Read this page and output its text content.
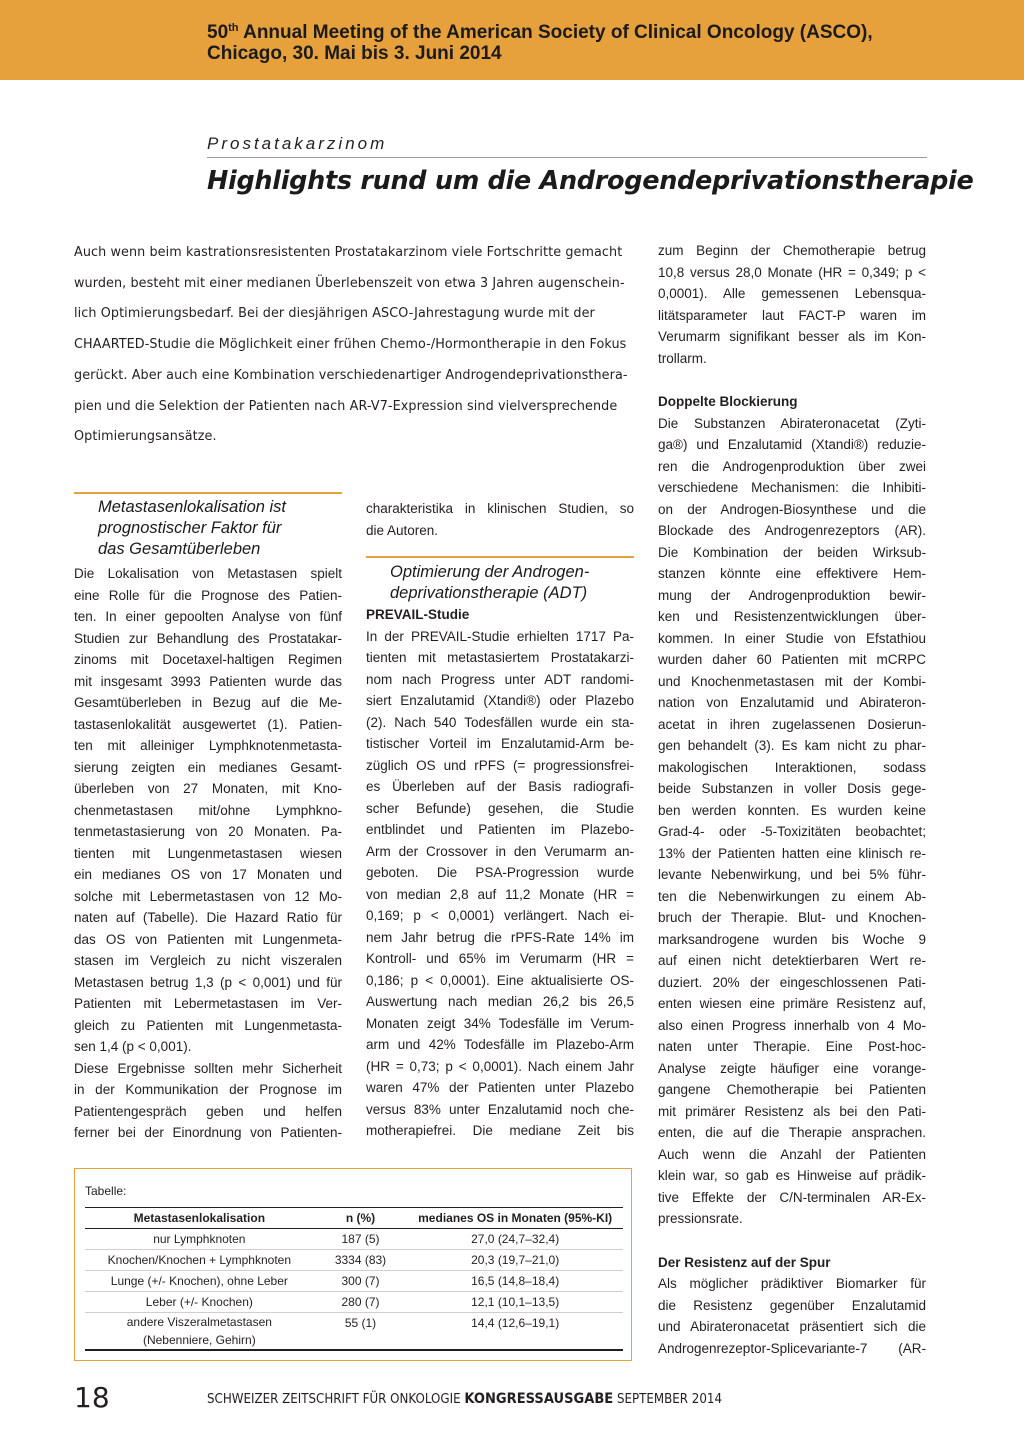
50th Annual Meeting of the American Society of Clinical Oncology (ASCO),
Chicago, 30. Mai bis 3. Juni 2014
Prostatakarzinom
Highlights rund um die Androgendeprivationstherapie

Auch wenn beim kastrationsresistenten Prostatakarzinom viele Fortschritte gemacht

wurden, besteht mit einer medianen Überlebenszeit von etwa 3 Jahren augenschein-

lich Optimierungsbedarf. Bei der diesjährigen ASCO-Jahrestagung wurde mit der

CHAARTED-Studie die Möglichkeit einer frühen Chemo-/Hormontherapie in den Fokus

gerückt. Aber auch eine Kombination verschiedenartiger Androgendeprivationsthera-

pien und die Selektion der Patienten nach AR-V7-Expression sind vielversprechende

Optimierungsansätze.

Metastasenlokalisation ist
prognostischer Faktor für
das Gesamtüberleben
Die Lokalisation von Metastasen spielt
eine Rolle für die Prognose des Patien-
ten. In einer gepoolten Analyse von fünf
Studien zur Behandlung des Prostatakar-
zinoms mit Docetaxel-haltigen Regimen
mit insgesamt 3993 Patienten wurde das
Gesamtüberleben in Bezug auf die Me-
tastasenlokalität ausgewertet (1). Patien-
ten mit alleiniger Lymphknotenmetasta-
sierung zeigten ein medianes Gesamt-
überleben von 27 Monaten, mit Kno-
chenmetastasen mit/ohne Lymphkno-
tenmetastasierung von 20 Monaten. Pa-
tienten mit Lungenmetastasen wiesen
ein medianes OS von 17 Monaten und
solche mit Lebermetastasen von 12 Mo-
naten auf (Tabelle). Die Hazard Ratio für
das OS von Patienten mit Lungenmeta-
stasen im Vergleich zu nicht viszeralen
Metastasen betrug 1,3 (p < 0,001) und für
Patienten mit Lebermetastasen im Ver-
gleich zu Patienten mit Lungenmetasta-
sen 1,4 (p < 0,001).
Diese Ergebnisse sollten mehr Sicherheit
in der Kommunikation der Prognose im
Patientengespräch geben und helfen
ferner bei der Einordnung von Patienten-
charakteristika in klinischen Studien, so
die Autoren.
Optimierung der Androgen-
deprivationstherapie (ADT)
PREVAIL-Studie
In der PREVAIL-Studie erhielten 1717 Pa-
tienten mit metastasiertem Prostatakarzi-
nom nach Progress unter ADT randomi-
siert Enzalutamid (Xtandi®) oder Plazebo
(2). Nach 540 Todesfällen wurde ein sta-
tistischer Vorteil im Enzalutamid-Arm be-
züglich OS und rPFS (= progressionsfrei-
es Überleben auf der Basis radiografi-
scher Befunde) gesehen, die Studie
entblindet und Patienten im Plazebo-
Arm der Crossover in den Verumarm an-
geboten. Die PSA-Progression wurde
von median 2,8 auf 11,2 Monate (HR =
0,169; p < 0,0001) verlängert. Nach ei-
nem Jahr betrug die rPFS-Rate 14% im
Kontroll- und 65% im Verumarm (HR =
0,186; p < 0,0001). Eine aktualisierte OS-
Auswertung nach median 26,2 bis 26,5
Monaten zeigt 34% Todesfälle im Verum-
arm und 42% Todesfälle im Plazebo-Arm
(HR = 0,73; p < 0,0001). Nach einem Jahr
waren 47% der Patienten unter Plazebo
versus 83% unter Enzalutamid noch che-
motherapiefrei. Die mediane Zeit bis
zum Beginn der Chemotherapie betrug
10,8 versus 28,0 Monate (HR = 0,349; p <
0,0001). Alle gemessenen Lebensqua-
litätsparameter laut FACT-P waren im
Verumarm signifikant besser als im Kon-
trollarm.
Doppelte Blockierung
Die Substanzen Abirateronacetat (Zyti-
ga®) und Enzalutamid (Xtandi®) reduzie-
ren die Androgenproduktion über zwei
verschiedene Mechanismen: die Inhibiti-
on der Androgen-Biosynthese und die
Blockade des Androgenrezeptors (AR).
Die Kombination der beiden Wirksub-
stanzen könnte eine effektivere Hem-
mung der Androgenproduktion bewir-
ken und Resistenzentwicklungen über-
kommen. In einer Studie von Efstathiou
wurden daher 60 Patienten mit mCRPC
und Knochenmetastasen mit der Kombi-
nation von Enzalutamid und Abirateron-
acetat in ihren zugelassenen Dosierun-
gen behandelt (3). Es kam nicht zu phar-
makologischen Interaktionen, sodass
beide Substanzen in voller Dosis gege-
ben werden konnten. Es wurden keine
Grad-4- oder -5-Toxizitäten beobachtet;
13% der Patienten hatten eine klinisch re-
levante Nebenwirkung, und bei 5% führ-
ten die Nebenwirkungen zu einem Ab-
bruch der Therapie. Blut- und Knochen-
marksandrogene wurden bis Woche 9
auf einen nicht detektierbaren Wert re-
duziert. 20% der eingeschlossenen Pati-
enten wiesen eine primäre Resistenz auf,
also einen Progress innerhalb von 4 Mo-
naten unter Therapie. Eine Post-hoc-
Analyse zeigte häufiger eine vorange-
gangene Chemotherapie bei Patienten
mit primärer Resistenz als bei den Pati-
enten, die auf die Therapie ansprachen.
Auch wenn die Anzahl der Patienten
klein war, so gab es Hinweise auf prädik-
tive Effekte der C/N-terminalen AR-Ex-
pressionsrate.
Der Resistenz auf der Spur
Als möglicher prädiktiver Biomarker für
die Resistenz gegenüber Enzalutamid
und Abirateronacetat präsentiert sich die
Androgenrezeptor-Splicevariante-7 (AR-
Tabelle:
Metastasenlokalisation	n (%)	medianes OS in Monaten (95%-KI)
nur Lymphknoten	187 (5)	27,0 (24,7–32,4)
Knochen/Knochen + Lymphknoten	3334 (83)	20,3 (19,7–21,0)
Lunge (+/- Knochen), ohne Leber	300 (7)	16,5 (14,8–18,4)
Leber (+/- Knochen)	280 (7)	12,1 (10,1–13,5)
andere Viszeralmetastasen (Nebenniere, Gehirn)	55 (1)	14,4 (12,6–19,1)
18	SCHWEIZER ZEITSCHRIFT FÜR ONKOLOGIE KONGRESSAUSGABE SEPTEMBER 2014
